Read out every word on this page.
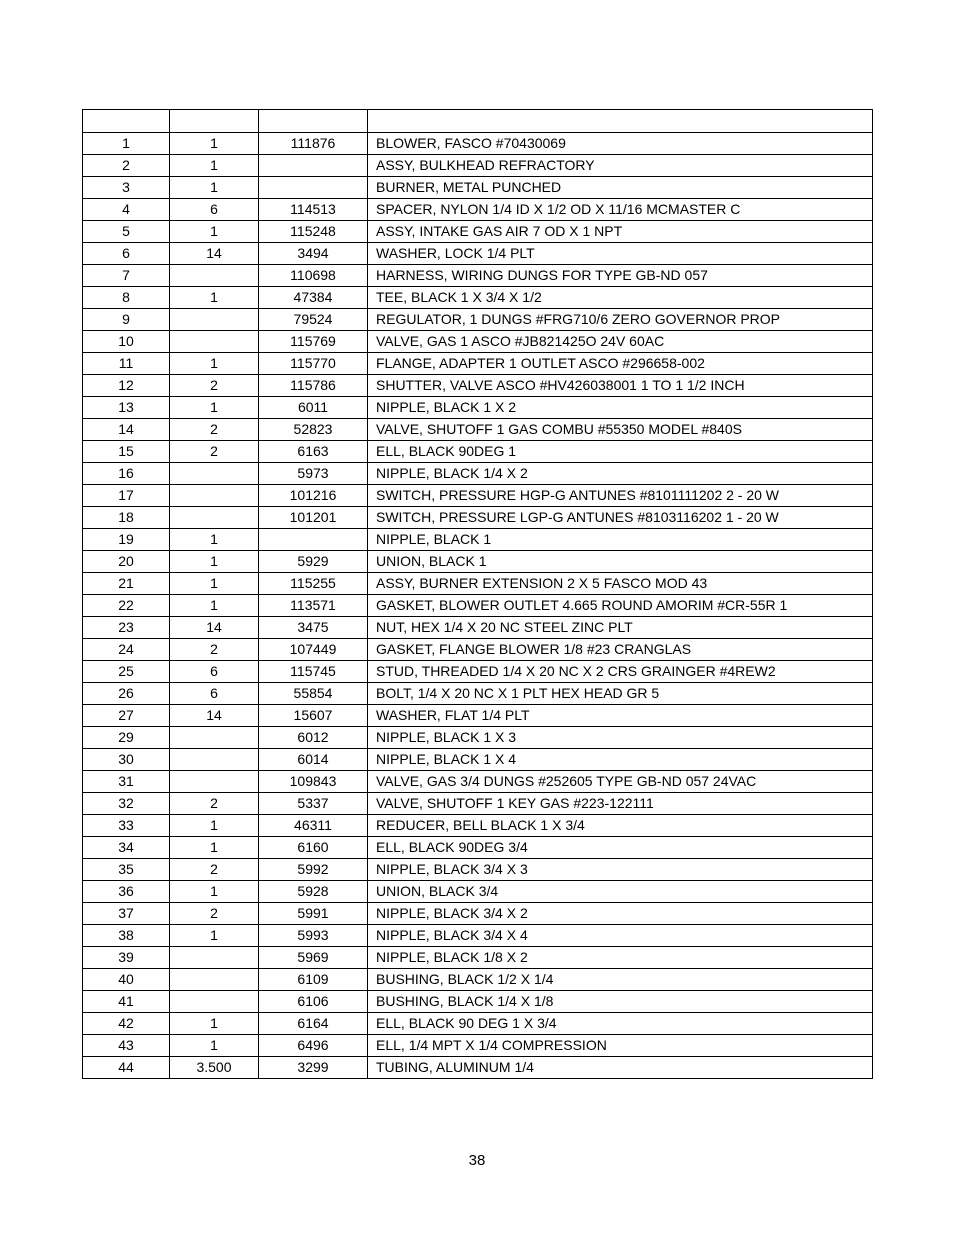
1	1	111876	BLOWER, FASCO #70430069
2	1		ASSY, BULKHEAD REFRACTORY
3	1		BURNER, METAL PUNCHED
4	6	114513	SPACER, NYLON 1/4 ID X 1/2 OD X 11/16 MCMASTER C
5	1	115248	ASSY, INTAKE GAS AIR 7 OD X 1 NPT
6	14	3494	WASHER, LOCK 1/4 PLT
7		110698	HARNESS, WIRING DUNGS FOR TYPE GB-ND 057
8	1	47384	TEE, BLACK 1 X 3/4 X 1/2
9		79524	REGULATOR, 1 DUNGS #FRG710/6 ZERO GOVERNOR PROP
10		115769	VALVE, GAS 1 ASCO #JB821425O 24V 60AC
11	1	115770	FLANGE, ADAPTER 1 OUTLET ASCO #296658-002
12	2	115786	SHUTTER, VALVE ASCO #HV426038001 1 TO 1 1/2 INCH
13	1	6011	NIPPLE, BLACK 1 X 2
14	2	52823	VALVE, SHUTOFF 1 GAS COMBU #55350 MODEL #840S
15	2	6163	ELL, BLACK 90DEG 1
16		5973	NIPPLE, BLACK 1/4 X 2
17		101216	SWITCH, PRESSURE HGP-G ANTUNES #8101111202 2 - 20 W
18		101201	SWITCH, PRESSURE LGP-G ANTUNES #8103116202 1 - 20 W
19	1		NIPPLE, BLACK 1
20	1	5929	UNION, BLACK 1
21	1	115255	ASSY, BURNER EXTENSION 2 X 5 FASCO MOD 43
22	1	113571	GASKET, BLOWER OUTLET 4.665 ROUND AMORIM #CR-55R 1
23	14	3475	NUT, HEX 1/4 X 20 NC STEEL ZINC PLT
24	2	107449	GASKET, FLANGE BLOWER 1/8 #23 CRANGLAS
25	6	115745	STUD, THREADED 1/4 X 20 NC X 2 CRS GRAINGER #4REW2
26	6	55854	BOLT, 1/4 X 20 NC X 1 PLT HEX HEAD GR 5
27	14	15607	WASHER, FLAT 1/4 PLT
29		6012	NIPPLE, BLACK 1 X 3
30		6014	NIPPLE, BLACK 1 X 4
31		109843	VALVE, GAS 3/4 DUNGS #252605 TYPE GB-ND 057 24VAC
32	2	5337	VALVE, SHUTOFF 1 KEY GAS #223-122111
33	1	46311	REDUCER, BELL BLACK 1 X 3/4
34	1	6160	ELL, BLACK 90DEG 3/4
35	2	5992	NIPPLE, BLACK 3/4 X 3
36	1	5928	UNION, BLACK 3/4
37	2	5991	NIPPLE, BLACK 3/4 X 2
38	1	5993	NIPPLE, BLACK 3/4 X 4
39		5969	NIPPLE, BLACK 1/8 X 2
40		6109	BUSHING, BLACK 1/2 X 1/4
41		6106	BUSHING, BLACK 1/4 X 1/8
42	1	6164	ELL, BLACK 90 DEG 1 X 3/4
43	1	6496	ELL, 1/4 MPT X 1/4 COMPRESSION
44	3.500	3299	TUBING, ALUMINUM 1/4
38
